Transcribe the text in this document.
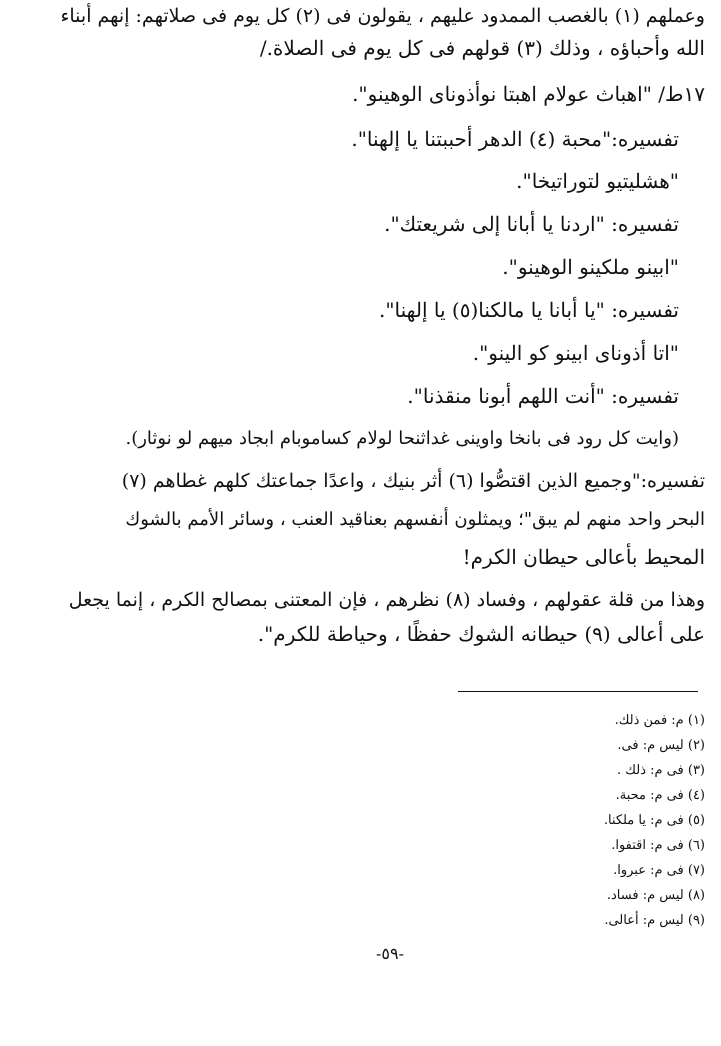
وعملهم (١) بالغصب الممدود عليهم ، يقولون فى (٢) كل يوم فى صلاتهم: إنهم أبناء
الله وأحباؤه ، وذلك (٣) قولهم فى كل يوم فى الصلاة./
١٧ط/ "اهباث عولام اهبتا نوأذوناى الوهينو".
تفسيره:"محبة (٤) الدهر أحببتنا يا إلهنا".
"هشليتيو لتوراتيخا".
تفسيره: "اردنا يا أبانا إلى شريعتك".
"ابينو ملكينو الوهينو".
تفسيره: "يا أبانا يا مالكنا(٥) يا إلهنا".
"اتا أذوناى ابينو كو الينو".
تفسيره: "أنت اللهم أبونا منقذنا".
(وايت كل رود فى بانخا واوينى غداثنحا لولام كساموبام ابجاد ميهم لو نوثار).
تفسيره:"وجميع الذين اقتصُّوا (٦) أثر بنيك ، واعدًا جماعتك كلهم غطاهم (٧)
البحر واحد منهم لم يبق"؛ ويمثلون أنفسهم بعناقيد العنب ، وسائر الأمم بالشوك
المحيط بأعالى حيطان الكرم!
وهذا من قلة عقولهم ، وفساد (٨) نظرهم ، فإن المعتنى بمصالح الكرم ، إنما يجعل
على أعالى (٩) حيطانه الشوك حفظًا ، وحياطة للكرم".
(١) م: فمن ذلك.
(٢) ليس م: فى.
(٣) فى م: ذلك .
(٤) فى م: محبة.
(٥) فى م: يا ملكنا.
(٦) فى م: اقتفوا.
(٧) فى م: عبروا.
(٨) ليس م: فساد.
(٩) ليس م: أعالى.
-٥٩-
